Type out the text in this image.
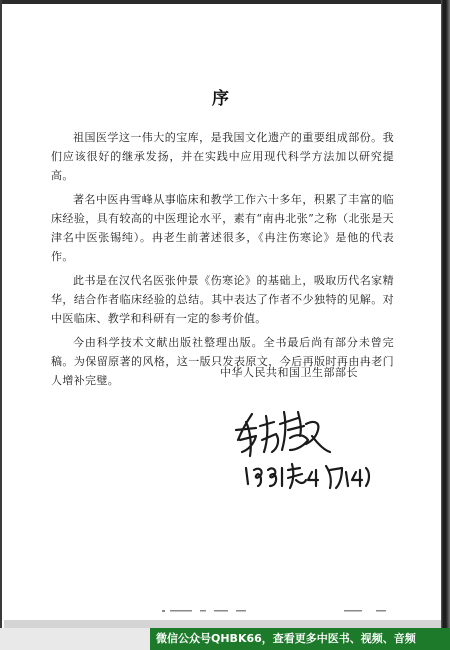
序

祖国医学这一伟大的宝库，是我国文化遗产的重要组成部份。我们应该很好的继承发扬，并在实践中应用现代科学方法加以研究提高。

著名中医冉雪峰从事临床和教学工作六十多年，积累了丰富的临床经验，具有较高的中医理论水平，素有“南冉北张”之称（北张是天津名中医张锡纯）。冉老生前著述很多，《冉注伤寒论》是他的代表作。

此书是在汉代名医张仲景《伤寒论》的基础上，吸取历代名家精华，结合作者临床经验的总结。其中表达了作者不少独特的见解。对中医临床、教学和科研有一定的参考价值。

今由科学技术文献出版社整理出版。全书最后尚有部分未曾完稿。为保留原著的风格，这一版只发表原文，今后再版时再由冉老门人增补完璧。

中华人民共和国卫生部部长
微信公众号QHBK66，查看更多中医书、视频、音频
